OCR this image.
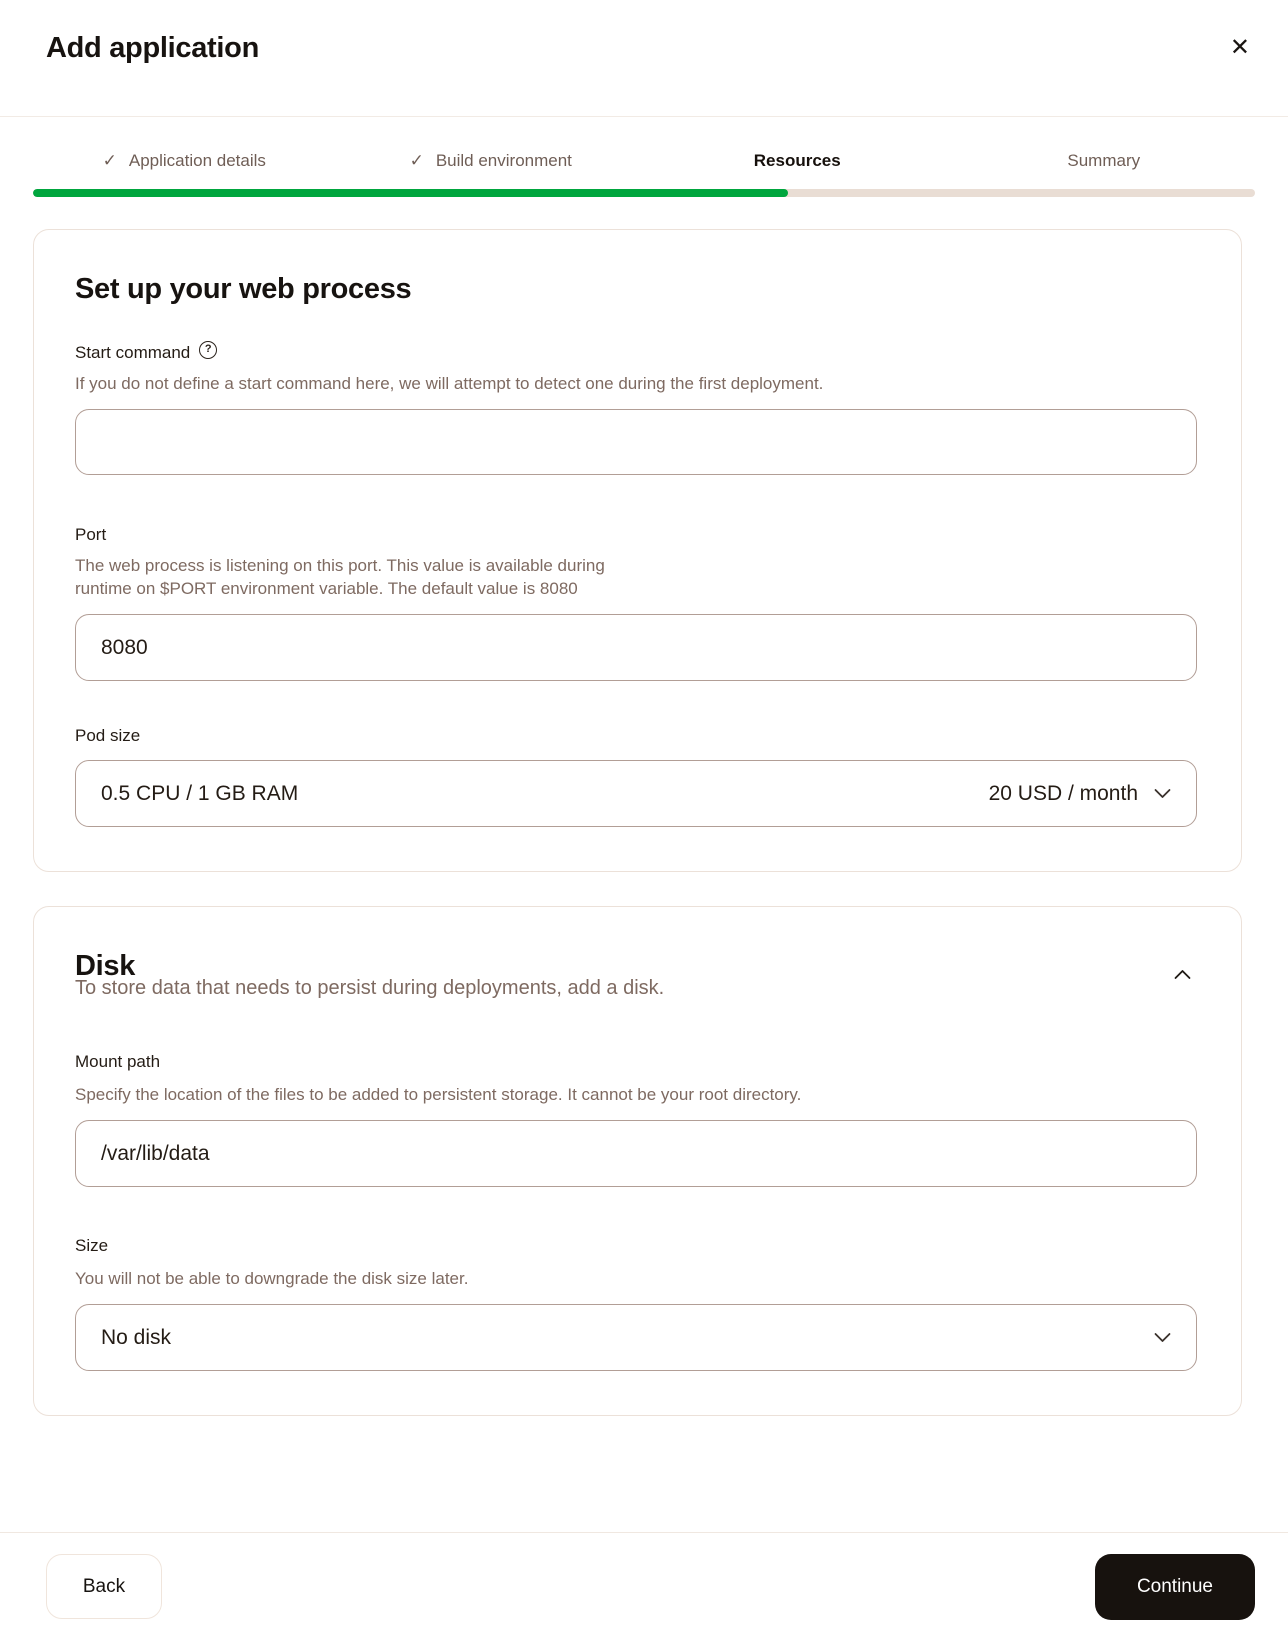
Add application	✕
✓ Application details	✓ Build environment	Resources	Summary
Set up your web process
Start command	?
If you do not define a start command here, we will attempt to detect one during the first deployment.
Port
The web process is listening on this port. This value is available during
runtime on $PORT environment variable. The default value is 8080
8080
Pod size
0.5 CPU / 1 GB RAM	20 USD / month
Disk

To store data that needs to persist during deployments, add a disk.

Mount path
Specify the location of the files to be added to persistent storage. It cannot be your root directory.
/var/lib/data
Size
You will not be able to downgrade the disk size later.
No disk
Back	Continue
